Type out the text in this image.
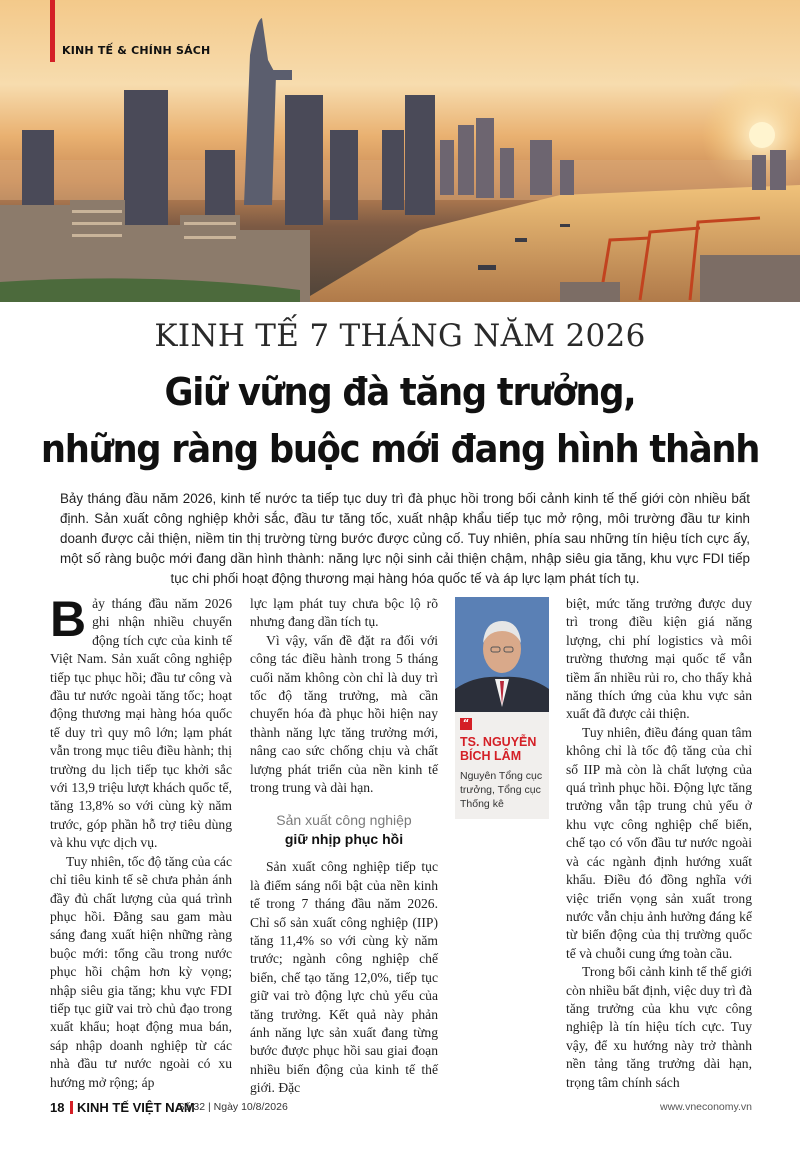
KINH TẾ & CHÍNH SÁCH
KINH TẾ 7 THÁNG NĂM 2026
Giữ vững đà tăng trưởng,
những ràng buộc mới đang hình thành
Bảy tháng đầu năm 2026, kinh tế nước ta tiếp tục duy trì đà phục hồi trong bối cảnh kinh tế thế giới còn nhiều bất định. Sản xuất công nghiệp khởi sắc, đầu tư tăng tốc, xuất nhập khẩu tiếp tục mở rộng, môi trường đầu tư kinh doanh được cải thiện, niềm tin thị trường từng bước được củng cố. Tuy nhiên, phía sau những tín hiệu tích cực ấy, một số ràng buộc mới đang dần hình thành: năng lực nội sinh cải thiện chậm, nhập siêu gia tăng, khu vực FDI tiếp tục chi phối hoạt động thương mại hàng hóa quốc tế và áp lực lạm phát tích tụ.

Bảy tháng đầu năm 2026 ghi nhận nhiều chuyển động tích cực của kinh tế Việt Nam. Sản xuất công nghiệp tiếp tục phục hồi; đầu tư công và đầu tư nước ngoài tăng tốc; hoạt động thương mại hàng hóa quốc tế duy trì quy mô lớn; lạm phát vẫn trong mục tiêu điều hành; thị trường du lịch tiếp tục khởi sắc với 13,9 triệu lượt khách quốc tế, tăng 13,8% so với cùng kỳ năm trước, góp phần hỗ trợ tiêu dùng và khu vực dịch vụ.

Tuy nhiên, tốc độ tăng của các chỉ tiêu kinh tế sẽ chưa phản ánh đầy đủ chất lượng của quá trình phục hồi. Đằng sau gam màu sáng đang xuất hiện những ràng buộc mới: tổng cầu trong nước phục hồi chậm hơn kỳ vọng; nhập siêu gia tăng; khu vực FDI tiếp tục giữ vai trò chủ đạo trong xuất khẩu; hoạt động mua bán, sáp nhập doanh nghiệp từ các nhà đầu tư nước ngoài có xu hướng mở rộng; áp

lực lạm phát tuy chưa bộc lộ rõ nhưng đang dần tích tụ.

Vì vậy, vấn đề đặt ra đối với công tác điều hành trong 5 tháng cuối năm không còn chỉ là duy trì tốc độ tăng trưởng, mà cần chuyển hóa đà phục hồi hiện nay thành năng lực tăng trưởng mới, nâng cao sức chống chịu và chất lượng phát triển của nền kinh tế trong trung và dài hạn.

Sản xuất công nghiệp
giữ nhịp phục hồi

Sản xuất công nghiệp tiếp tục là điểm sáng nổi bật của nền kinh tế trong 7 tháng đầu năm 2026. Chỉ số sản xuất công nghiệp (IIP) tăng 11,4% so với cùng kỳ năm trước; ngành công nghiệp chế biến, chế tạo tăng 12,0%, tiếp tục giữ vai trò động lực chủ yếu của tăng trưởng. Kết quả này phản ánh năng lực sản xuất đang từng bước được phục hồi sau giai đoạn nhiều biến động của kinh tế thế giới. Đặc

“
TS. NGUYỄN BÍCH LÂM
Nguyên Tổng cục trưởng, Tổng cục Thống kê

biệt, mức tăng trưởng được duy trì trong điều kiện giá năng lượng, chi phí logistics và môi trường thương mại quốc tế vẫn tiềm ẩn nhiều rủi ro, cho thấy khả năng thích ứng của khu vực sản xuất đã được cải thiện.

Tuy nhiên, điều đáng quan tâm không chỉ là tốc độ tăng của chỉ số IIP mà còn là chất lượng của quá trình phục hồi. Động lực tăng trưởng vẫn tập trung chủ yếu ở khu vực công nghiệp chế biến, chế tạo có vốn đầu tư nước ngoài và các ngành định hướng xuất khẩu. Điều đó đồng nghĩa với việc triển vọng sản xuất trong nước vẫn chịu ảnh hưởng đáng kể từ biến động của thị trường quốc tế và chuỗi cung ứng toàn cầu.

Trong bối cảnh kinh tế thế giới còn nhiều bất định, việc duy trì đà tăng trưởng của khu vực công nghiệp là tín hiệu tích cực. Tuy vậy, để xu hướng này trở thành nền tảng tăng trưởng dài hạn, trọng tâm chính sách

18 KINH TẾ VIỆT NAM
| Số 32 | Ngày 10/8/2026	www.vneconomy.vn
